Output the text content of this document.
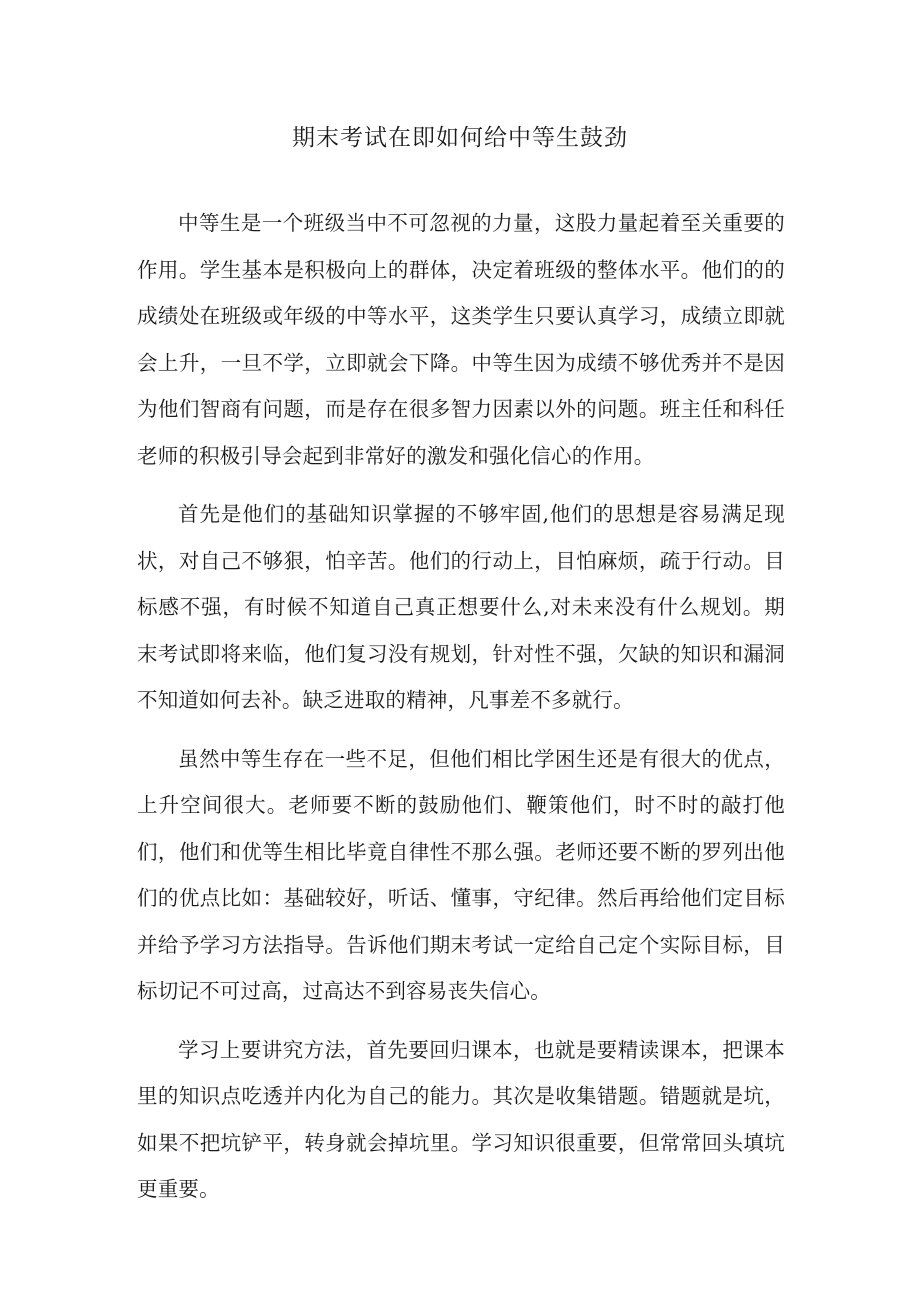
期末考试在即如何给中等生鼓劲

中等生是一个班级当中不可忽视的力量，这股力量起着至关重要的作用。学生基本是积极向上的群体，决定着班级的整体水平。他们的的成绩处在班级或年级的中等水平，这类学生只要认真学习，成绩立即就会上升，一旦不学，立即就会下降。中等生因为成绩不够优秀并不是因为他们智商有问题，而是存在很多智力因素以外的问题。班主任和科任老师的积极引导会起到非常好的激发和强化信心的作用。

首先是他们的基础知识掌握的不够牢固,他们的思想是容易满足现状，对自己不够狠，怕辛苦。他们的行动上，目怕麻烦，疏于行动。目标感不强，有时候不知道自己真正想要什么,对未来没有什么规划。期末考试即将来临，他们复习没有规划，针对性不强，欠缺的知识和漏洞不知道如何去补。缺乏进取的精神，凡事差不多就行。

虽然中等生存在一些不足，但他们相比学困生还是有很大的优点，上升空间很大。老师要不断的鼓励他们、鞭策他们，时不时的敲打他们，他们和优等生相比毕竟自律性不那么强。老师还要不断的罗列出他们的优点比如：基础较好，听话、懂事，守纪律。然后再给他们定目标并给予学习方法指导。告诉他们期末考试一定给自己定个实际目标，目标切记不可过高，过高达不到容易丧失信心。

学习上要讲究方法，首先要回归课本，也就是要精读课本，把课本里的知识点吃透并内化为自己的能力。其次是收集错题。错题就是坑，如果不把坑铲平，转身就会掉坑里。学习知识很重要，但常常回头填坑更重要。
